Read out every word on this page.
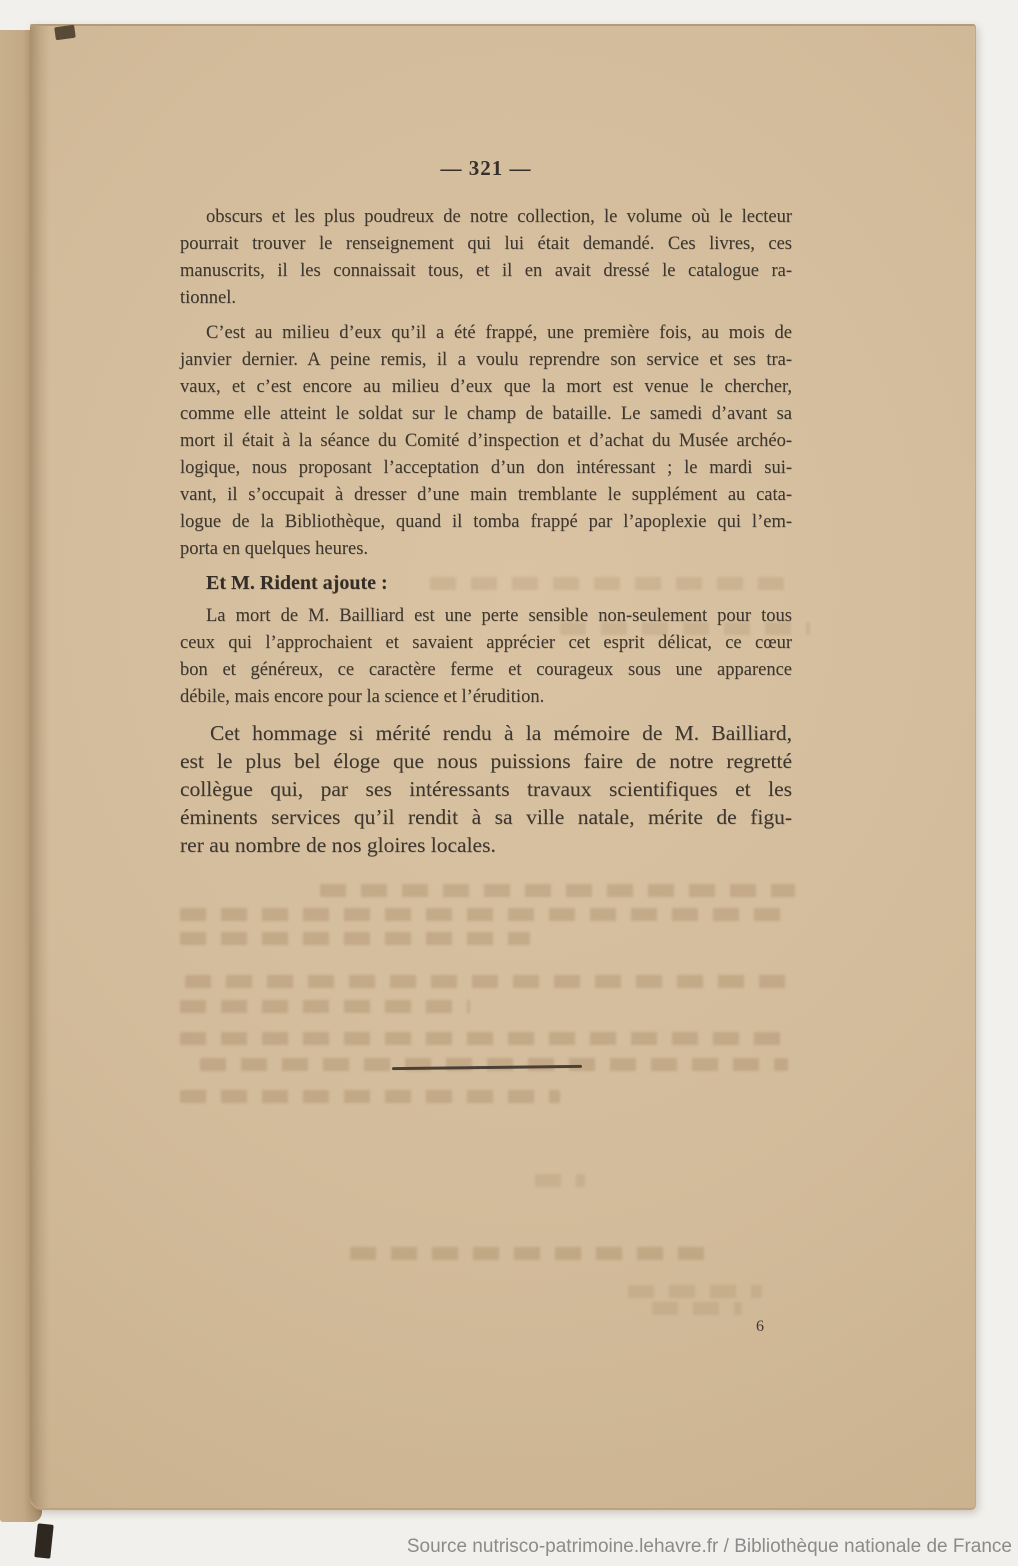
— 321 —
obscurs et les plus poudreux de notre collection, le volume où le lecteur
pourrait trouver le renseignement qui lui était demandé. Ces livres, ces
manuscrits, il les connaissait tous, et il en avait dressé le catalogue ra-
tionnel.
C’est au milieu d’eux qu’il a été frappé, une première fois, au mois de
janvier dernier. A peine remis, il a voulu reprendre son service et ses tra-
vaux, et c’est encore au milieu d’eux que la mort est venue le chercher,
comme elle atteint le soldat sur le champ de bataille. Le samedi d’avant sa
mort il était à la séance du Comité d’inspection et d’achat du Musée archéo-
logique, nous proposant l’acceptation d’un don intéressant ; le mardi sui-
vant, il s’occupait à dresser d’une main tremblante le supplément au cata-
logue de la Bibliothèque, quand il tomba frappé par l’apoplexie qui l’em-
porta en quelques heures.
Et M. Rident ajoute :
La mort de M. Bailliard est une perte sensible non-seulement pour tous
ceux qui l’approchaient et savaient apprécier cet esprit délicat, ce cœur
bon et généreux, ce caractère ferme et courageux sous une apparence
débile, mais encore pour la science et l’érudition.
Cet hommage si mérité rendu à la mémoire de M. Bailliard,
est le plus bel éloge que nous puissions faire de notre regretté
collègue qui, par ses intéressants travaux scientifiques et les
éminents services qu’il rendit à sa ville natale, mérite de figu-
rer au nombre de nos gloires locales.
6
Source nutrisco-patrimoine.lehavre.fr / Bibliothèque nationale de France
